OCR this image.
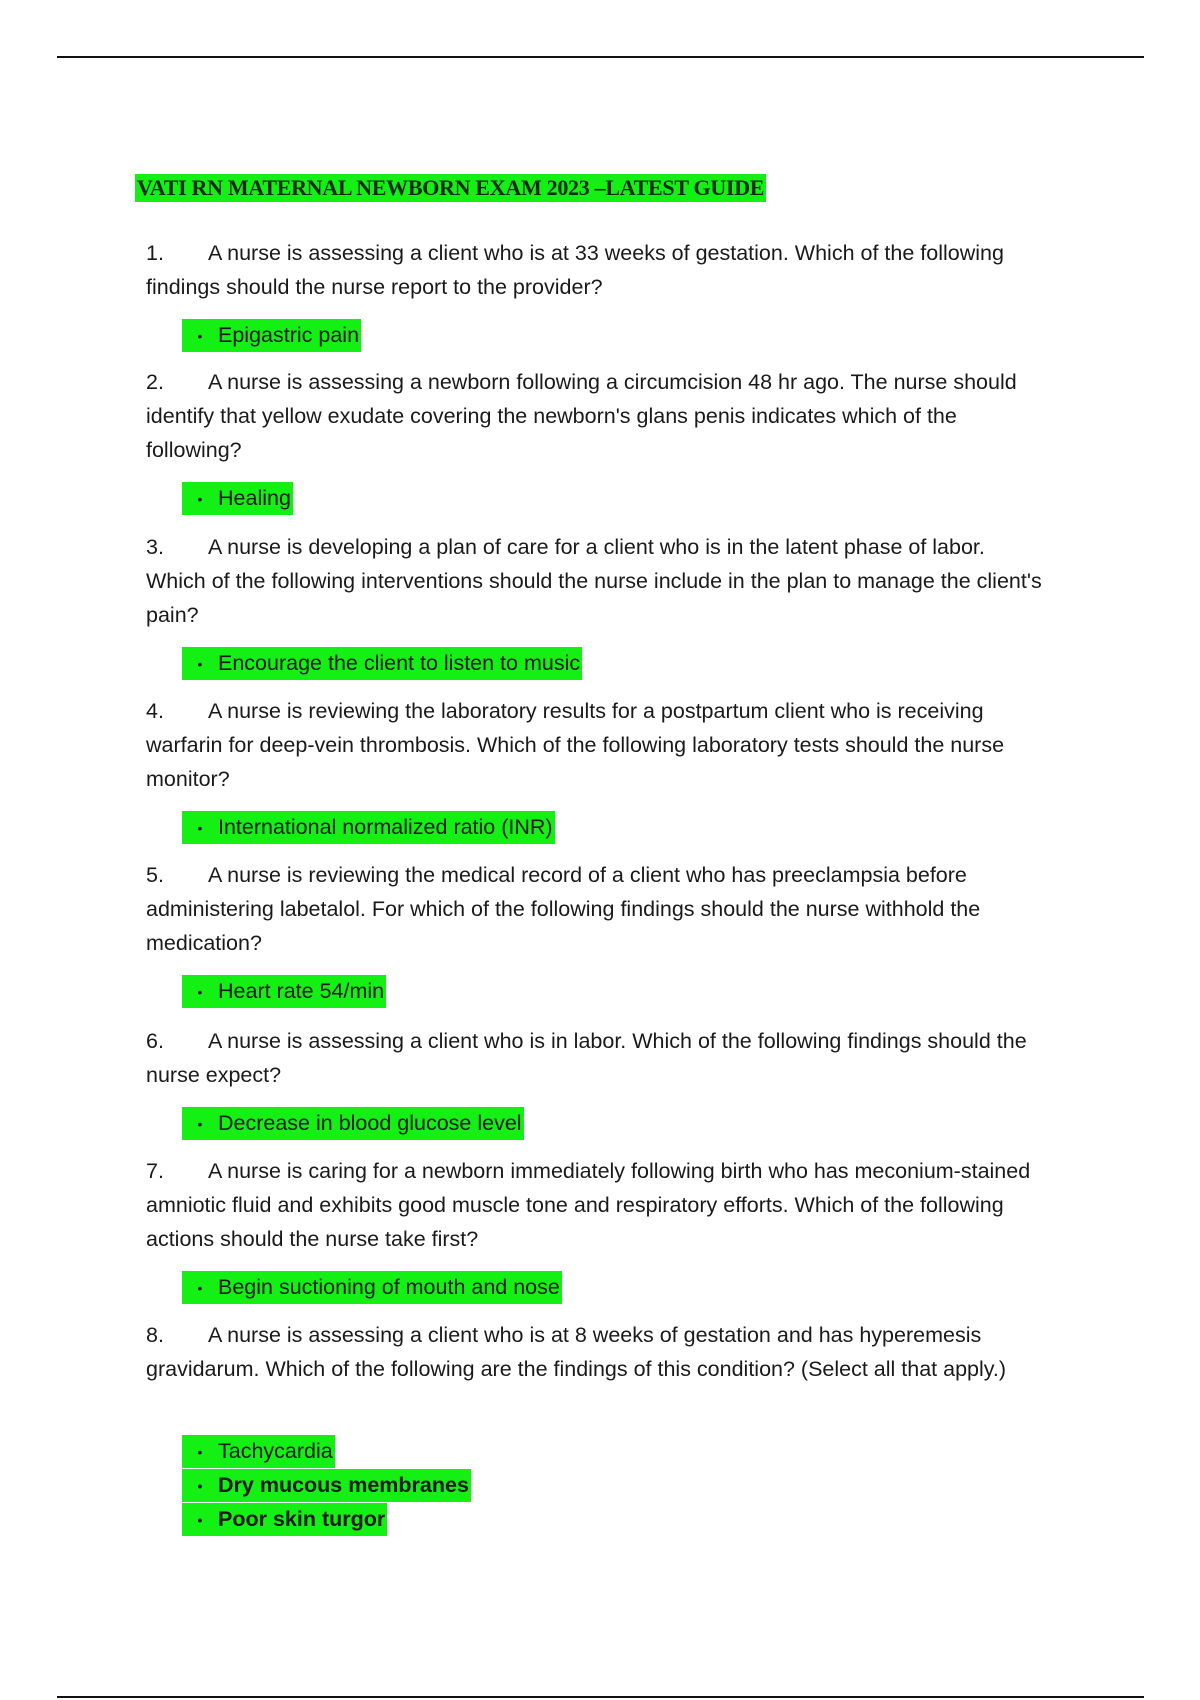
VATI RN MATERNAL NEWBORN EXAM 2023 –LATEST GUIDE
1. A nurse is assessing a client who is at 33 weeks of gestation. Which of the following findings should the nurse report to the provider?
• Epigastric pain
2. A nurse is assessing a newborn following a circumcision 48 hr ago. The nurse should identify that yellow exudate covering the newborn's glans penis indicates which of the following?
• Healing
3. A nurse is developing a plan of care for a client who is in the latent phase of labor. Which of the following interventions should the nurse include in the plan to manage the client's pain?
• Encourage the client to listen to music
4. A nurse is reviewing the laboratory results for a postpartum client who is receiving warfarin for deep-vein thrombosis. Which of the following laboratory tests should the nurse monitor?
• International normalized ratio (INR)
5. A nurse is reviewing the medical record of a client who has preeclampsia before administering labetalol. For which of the following findings should the nurse withhold the medication?
• Heart rate 54/min
6. A nurse is assessing a client who is in labor. Which of the following findings should the nurse expect?
• Decrease in blood glucose level
7. A nurse is caring for a newborn immediately following birth who has meconium-stained amniotic fluid and exhibits good muscle tone and respiratory efforts. Which of the following actions should the nurse take first?
• Begin suctioning of mouth and nose
8. A nurse is assessing a client who is at 8 weeks of gestation and has hyperemesis gravidarum. Which of the following are the findings of this condition? (Select all that apply.)
• Tachycardia
• Dry mucous membranes
• Poor skin turgor
